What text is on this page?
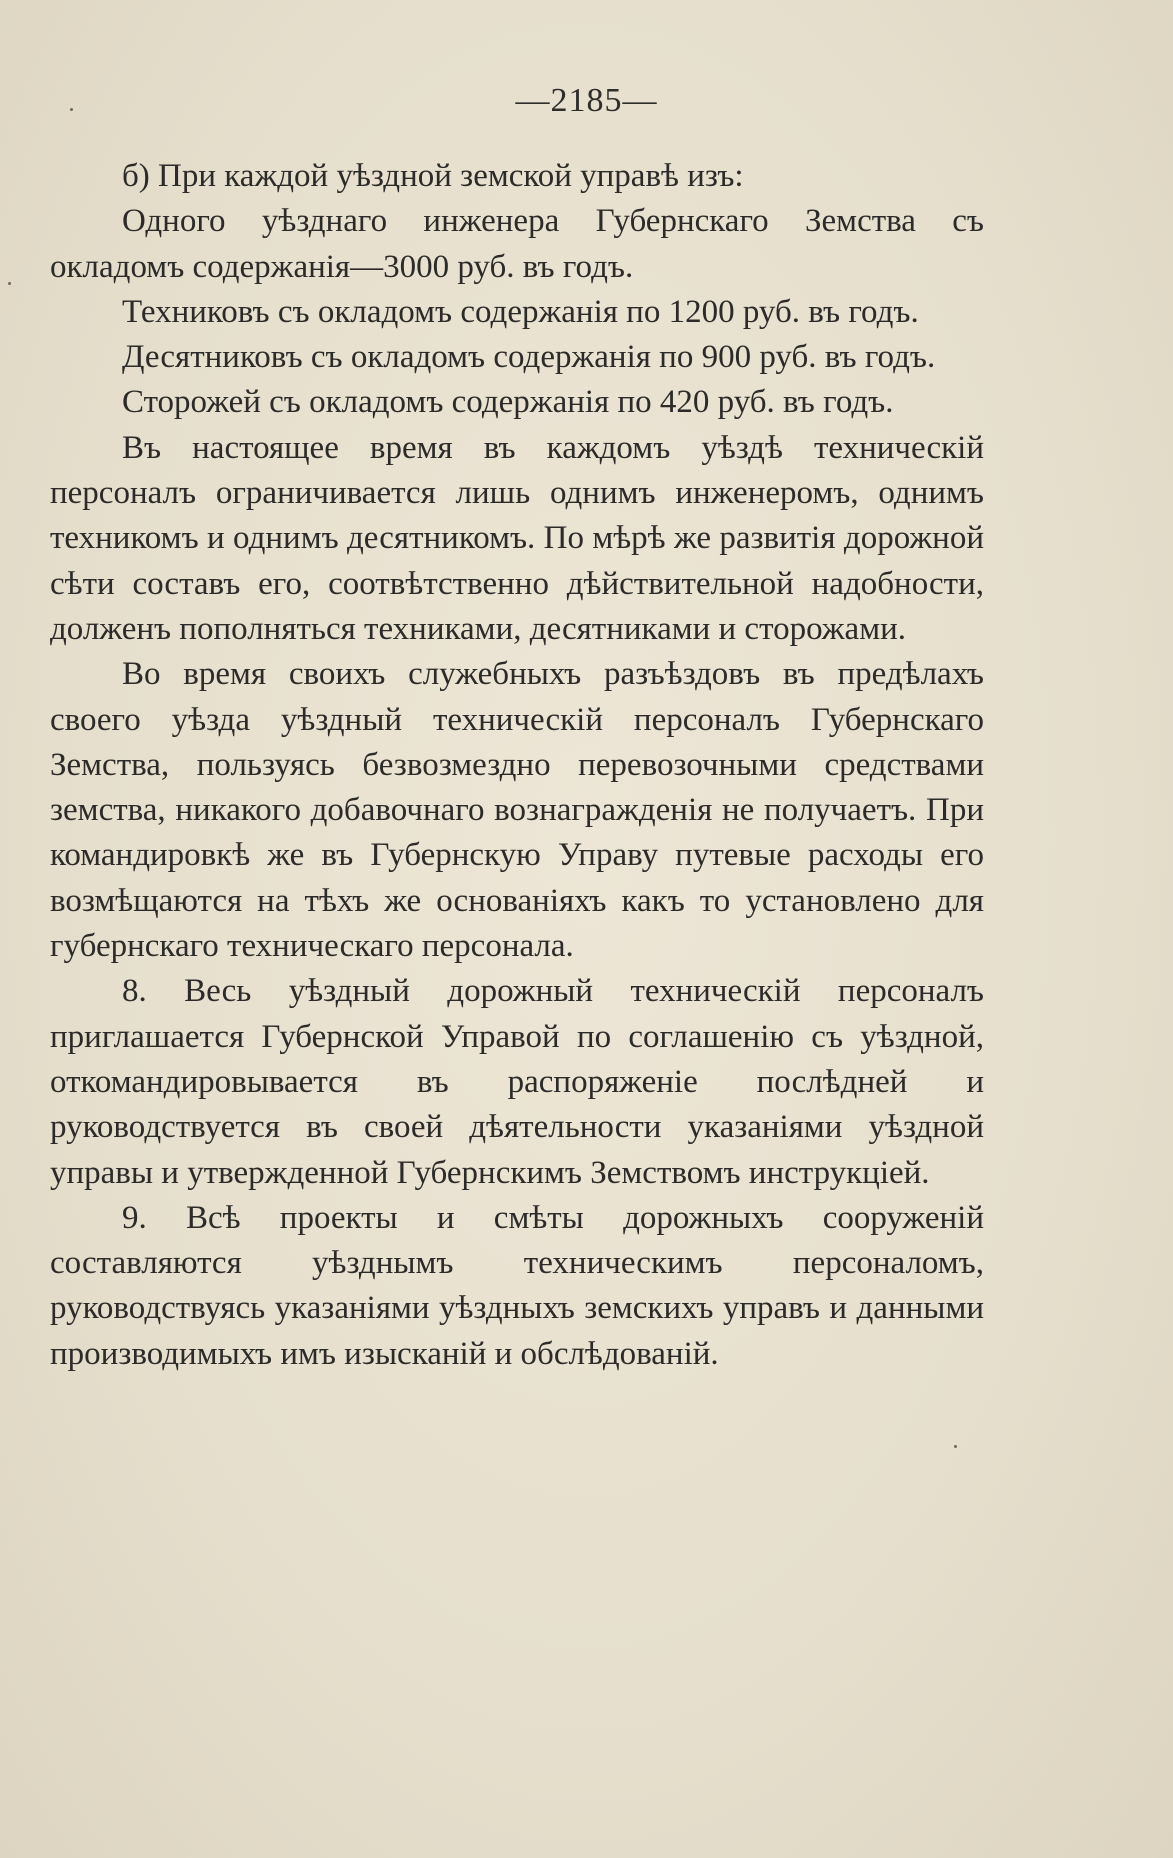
—2185—

б) При каждой уѣздной земской управѣ изъ:

Одного уѣзднаго инженера Губернскаго Земства съ окладомъ содержанія—3000 руб. въ годъ.

Техниковъ съ окладомъ содержанія по 1200 руб. въ годъ.

Десятниковъ съ окладомъ содержанія по 900 руб. въ годъ.

Сторожей съ окладомъ содержанія по 420 руб. въ годъ.

Въ настоящее время въ каждомъ уѣздѣ техническій персоналъ ограничивается лишь однимъ инженеромъ, однимъ техникомъ и однимъ десятникомъ. По мѣрѣ же развитія дорожной сѣти составъ его, соотвѣтственно дѣйствительной надобности, долженъ пополняться техниками, десятниками и сторожами.

Во время своихъ служебныхъ разъѣздовъ въ предѣлахъ своего уѣзда уѣздный техническій персоналъ Губернскаго Земства, пользуясь безвозмездно перевозочными средствами земства, никакого добавочнаго вознагражденія не получаетъ. При командировкѣ же въ Губернскую Управу путевые расходы его возмѣщаются на тѣхъ же основаніяхъ какъ то установлено для губернскаго техническаго персонала.

8. Весь уѣздный дорожный техническій персоналъ приглашается Губернской Управой по соглашенію съ уѣздной, откомандировывается въ распоряженіе послѣдней и руководствуется въ своей дѣятельности указаніями уѣздной управы и утвержденной Губернскимъ Земствомъ инструкціей.

9. Всѣ проекты и смѣты дорожныхъ сооруженій составляются уѣзднымъ техническимъ персоналомъ, руководствуясь указаніями уѣздныхъ земскихъ управъ и данными производимыхъ имъ изысканій и обслѣдованій.
